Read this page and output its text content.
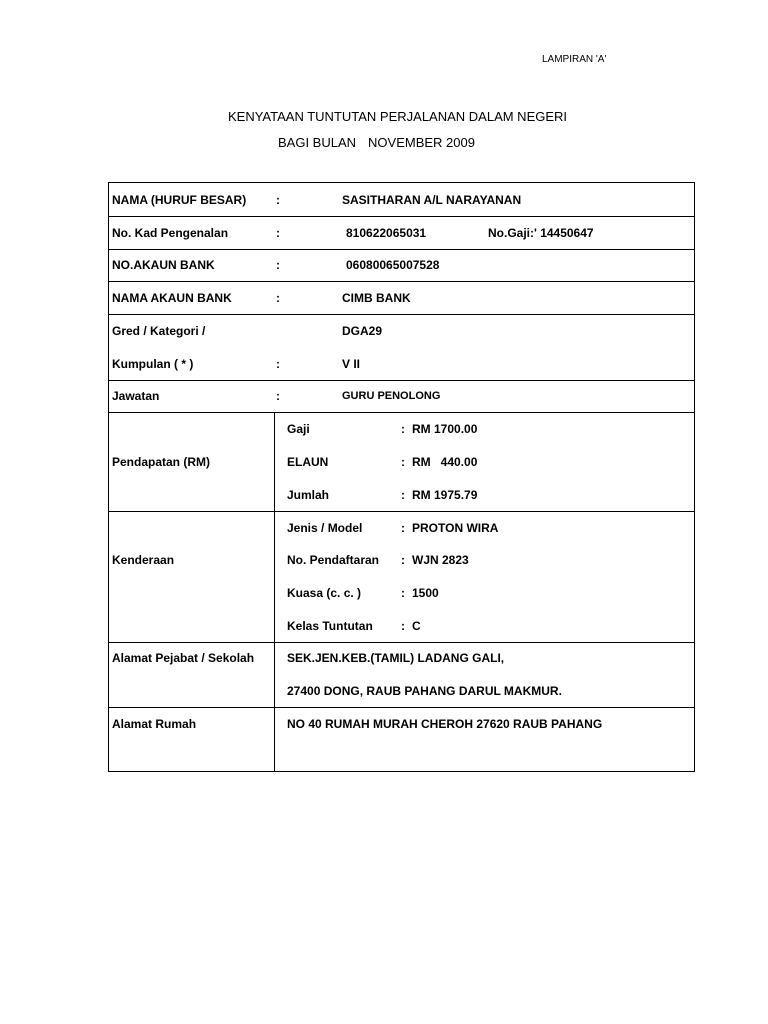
LAMPIRAN 'A'
KENYATAAN TUNTUTAN PERJALANAN DALAM NEGERI
BAGI BULAN NOVEMBER 2009
NAMA (HURUF BESAR) :	SASITHARAN A/L NARAYANAN
No. Kad Pengenalan	:	810622065031	No.Gaji:' 14450647
NO.AKAUN BANK	:	06080065007528
NAMA AKAUN BANK	:	CIMB BANK
Gred / Kategori /	DGA29
Kumpulan ( * )	:	V II
Jawatan	:	GURU PENOLONG
Pendapatan (RM)
Gaji	: RM 1700.00
ELAUN	: RM   440.00
Jumlah	: RM 1975.79
Kenderaan
Jenis / Model	: PROTON WIRA
No. Pendaftaran : WJN 2823
Kuasa (c. c. )	: 1500
Kelas Tuntutan : C
Alamat Pejabat / Sekolah	SEK.JEN.KEB.(TAMIL) LADANG GALI,
27400 DONG, RAUB PAHANG DARUL MAKMUR.
Alamat Rumah	NO 40 RUMAH MURAH CHEROH 27620 RAUB PAHANG
